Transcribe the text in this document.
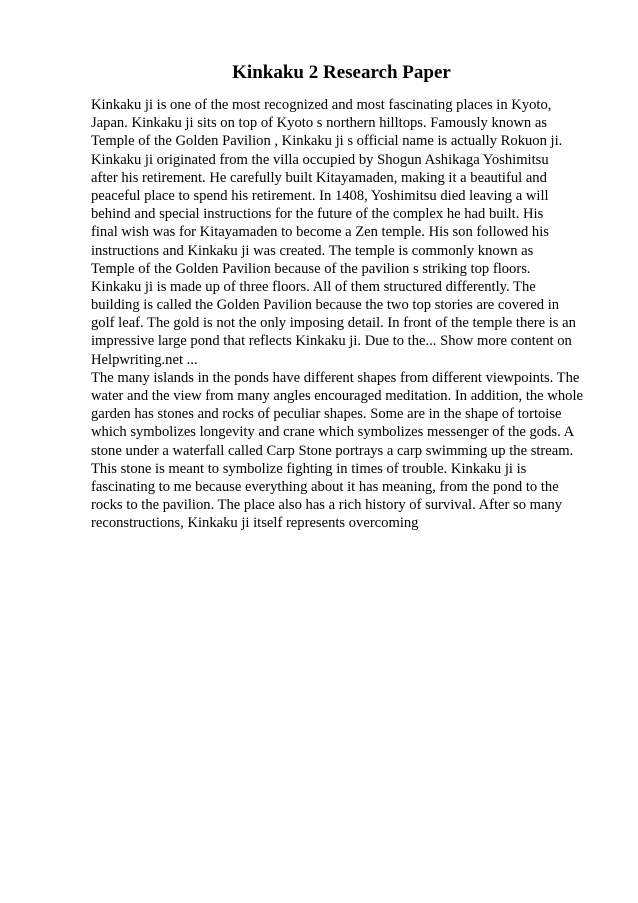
Kinkaku 2 Research Paper
Kinkaku ji is one of the most recognized and most fascinating places in Kyoto,
Japan. Kinkaku ji sits on top of Kyoto s northern hilltops. Famously known as
Temple of the Golden Pavilion , Kinkaku ji s official name is actually Rokuon ji.
Kinkaku ji originated from the villa occupied by Shogun Ashikaga Yoshimitsu
after his retirement. He carefully built Kitayamaden, making it a beautiful and
peaceful place to spend his retirement. In 1408, Yoshimitsu died leaving a will
behind and special instructions for the future of the complex he had built. His
final wish was for Kitayamaden to become a Zen temple. His son followed his
instructions and Kinkaku ji was created. The temple is commonly known as
Temple of the Golden Pavilion because of the pavilion s striking top floors.
Kinkaku ji is made up of three floors. All of them structured differently. The
building is called the Golden Pavilion because the two top stories are covered in
golf leaf. The gold is not the only imposing detail. In front of the temple there is an
impressive large pond that reflects Kinkaku ji. Due to the... Show more content on
Helpwriting.net ...
The many islands in the ponds have different shapes from different viewpoints. The
water and the view from many angles encouraged meditation. In addition, the whole
garden has stones and rocks of peculiar shapes. Some are in the shape of tortoise
which symbolizes longevity and crane which symbolizes messenger of the gods. A
stone under a waterfall called Carp Stone portrays a carp swimming up the stream.
This stone is meant to symbolize fighting in times of trouble. Kinkaku ji is
fascinating to me because everything about it has meaning, from the pond to the
rocks to the pavilion. The place also has a rich history of survival. After so many
reconstructions, Kinkaku ji itself represents overcoming
